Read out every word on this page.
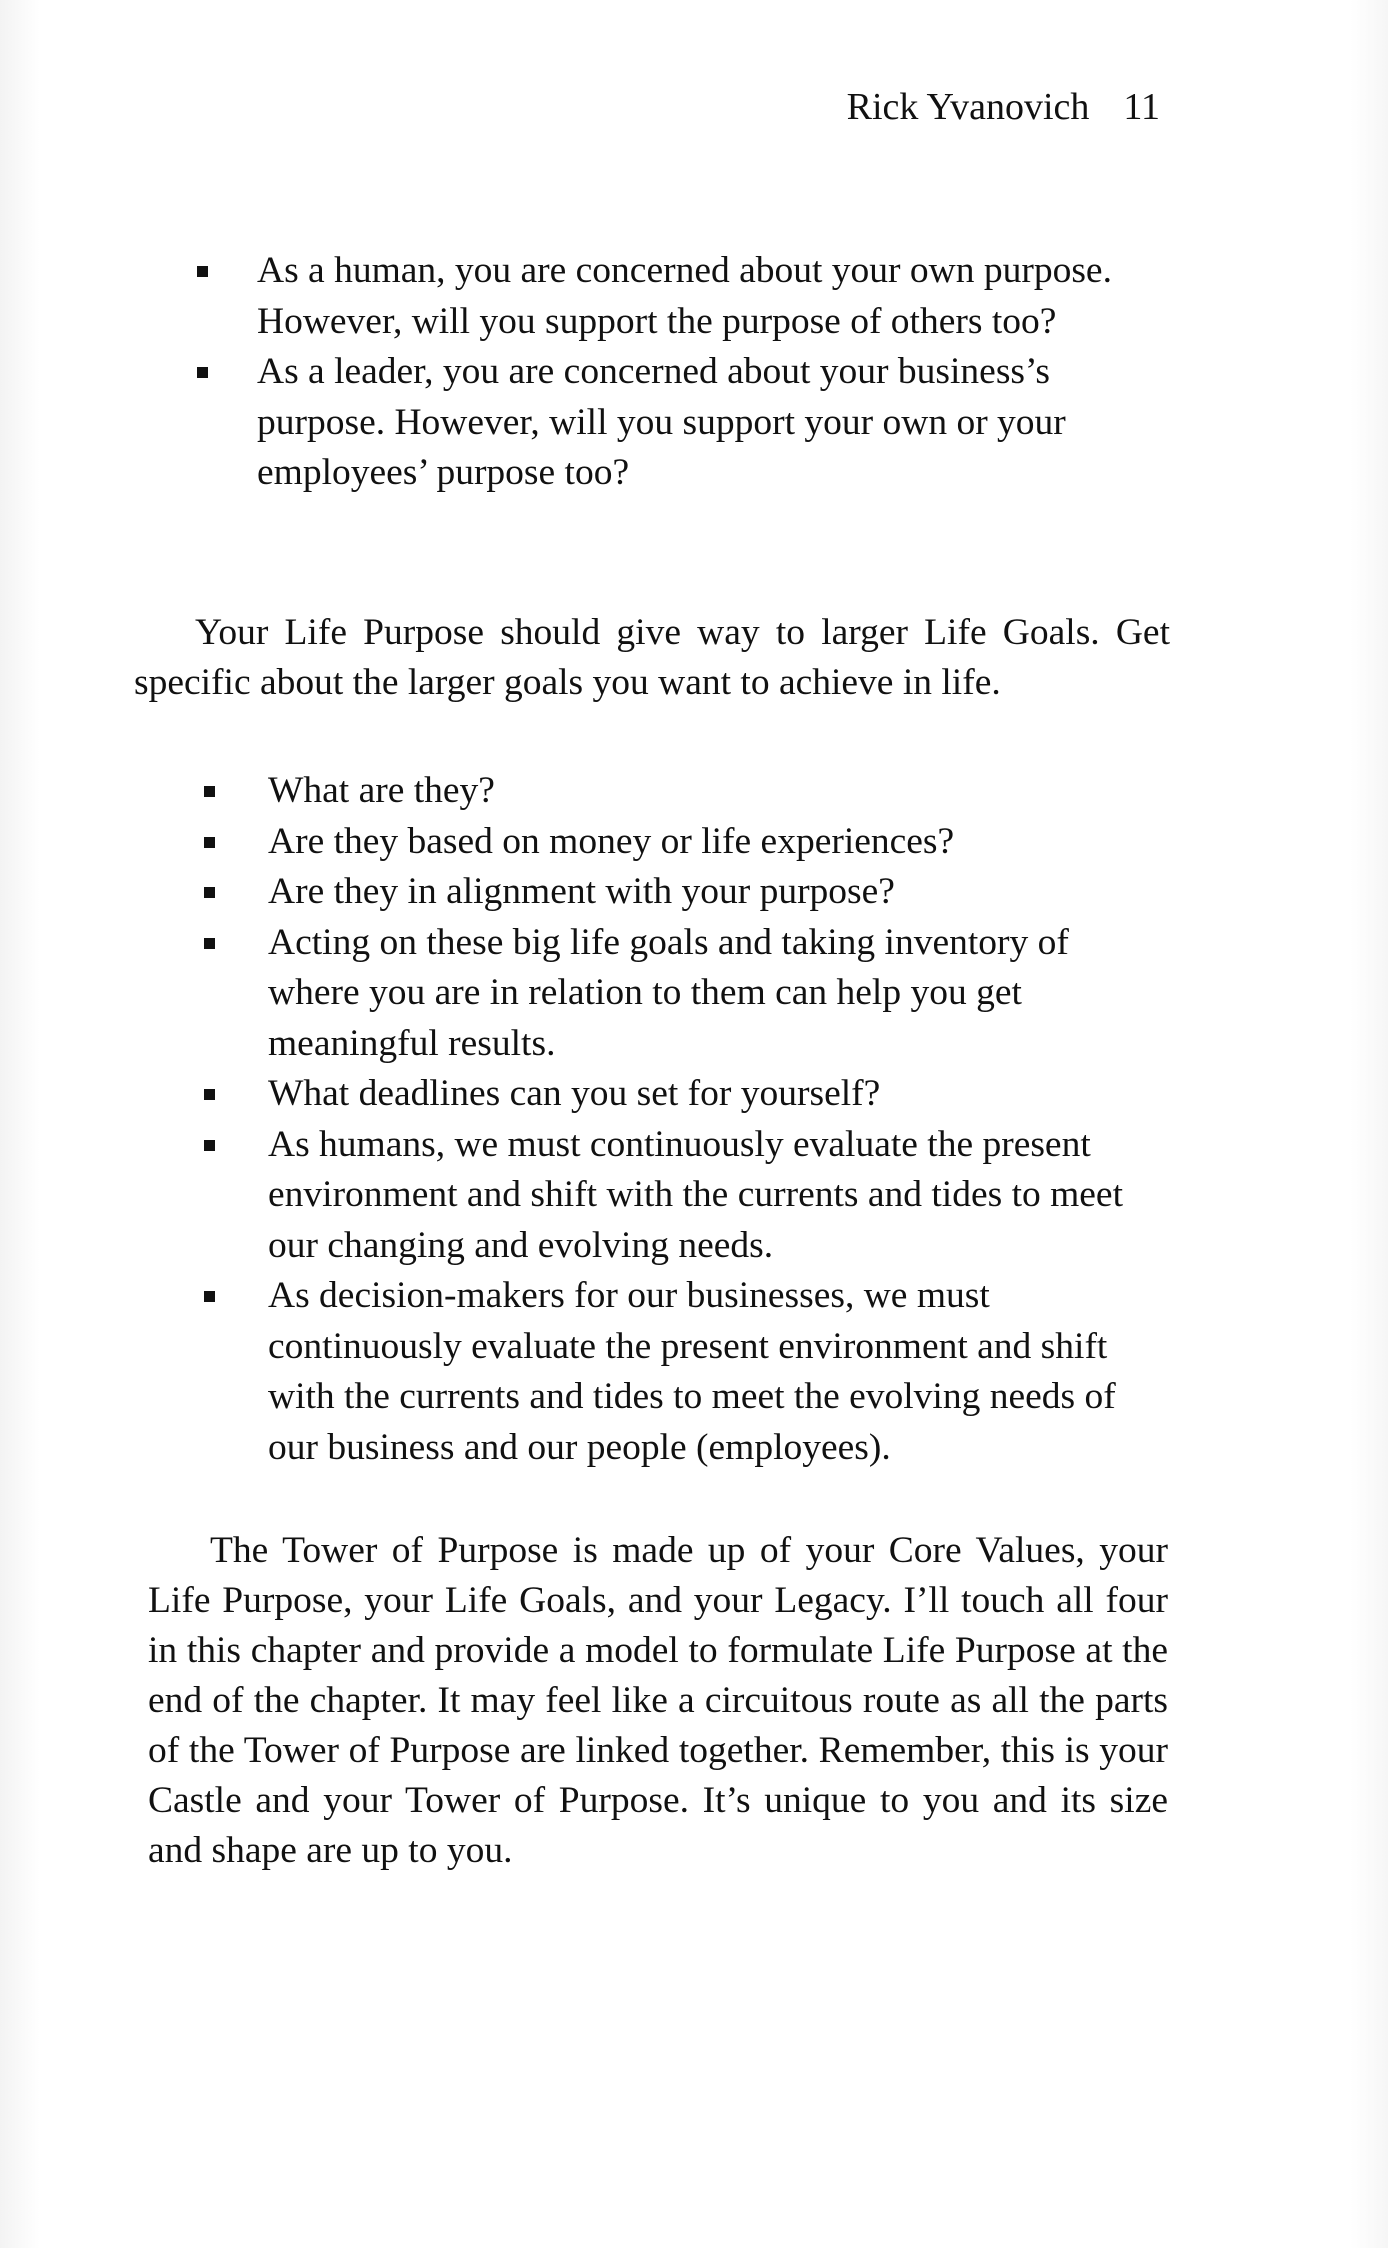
Rick Yvanovich 11
As a human, you are concerned about your own purpose. However, will you support the purpose of others too?
As a leader, you are concerned about your business’s purpose. However, will you support your own or your employees’ purpose too?

Your Life Purpose should give way to larger Life Goals. Get specific about the larger goals you want to achieve in life.

What are they?
Are they based on money or life experiences?
Are they in alignment with your purpose?
Acting on these big life goals and taking inventory of where you are in relation to them can help you get meaningful results.
What deadlines can you set for yourself?
As humans, we must continuously evaluate the present environment and shift with the currents and tides to meet our changing and evolving needs.
As decision-makers for our businesses, we must continuously evaluate the present environment and shift with the currents and tides to meet the evolving needs of our business and our people (employees).

The Tower of Purpose is made up of your Core Values, your Life Purpose, your Life Goals, and your Legacy. I’ll touch all four in this chapter and provide a model to formulate Life Purpose at the end of the chapter. It may feel like a circuitous route as all the parts of the Tower of Purpose are linked together. Remember, this is your Castle and your Tower of Purpose. It’s unique to you and its size and shape are up to you.
